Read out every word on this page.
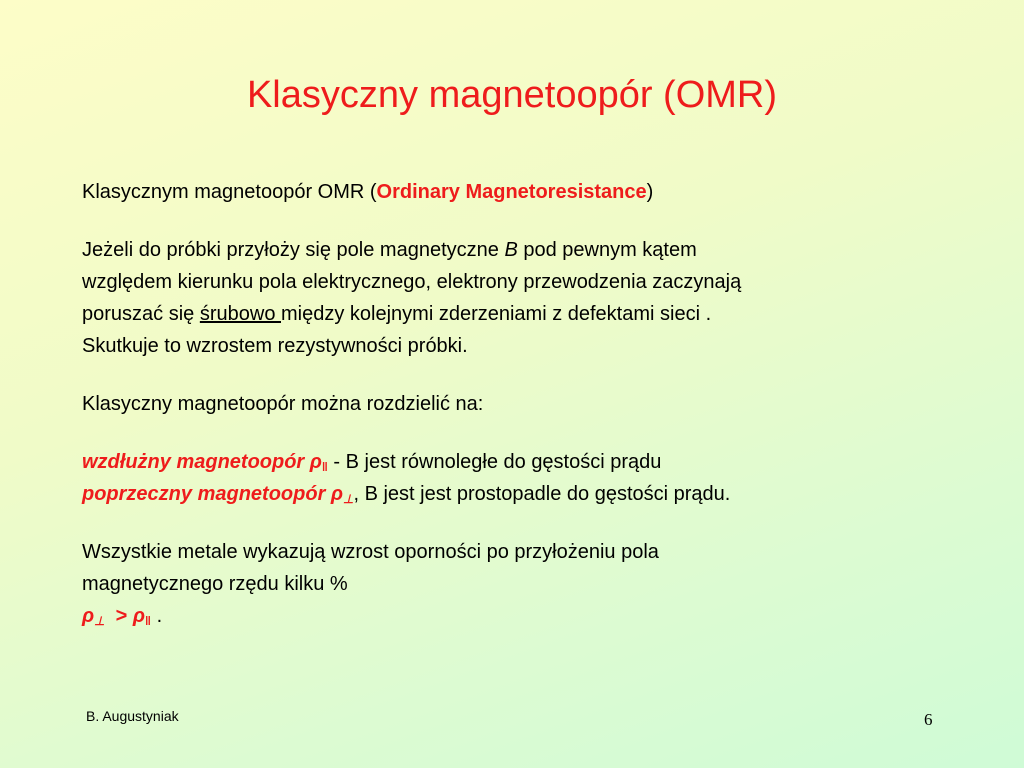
Klasyczny magnetoopór (OMR)
Klasycznym magnetoopór OMR (Ordinary Magnetoresistance)
Jeżeli do próbki przyłoży się pole magnetyczne B pod pewnym kątem
względem kierunku pola elektrycznego, elektrony przewodzenia zaczynają
poruszać się śrubowo między kolejnymi zderzeniami z defektami sieci .
Skutkuje to wzrostem rezystywności próbki.
Klasyczny magnetoopór można rozdzielić na:
wzdłużny magnetoopór $\rho_‖$ - B jest równoległe do gęstości prądu
poprzeczny magnetoopór $\rho_\perp$, B jest jest prostopadle do gęstości prądu.
Wszystkie metale wykazują wzrost oporności po przyłożeniu pola
magnetycznego rzędu kilku %
$\rho_\perp > \rho_‖$ .
B. Augustyniak	6
